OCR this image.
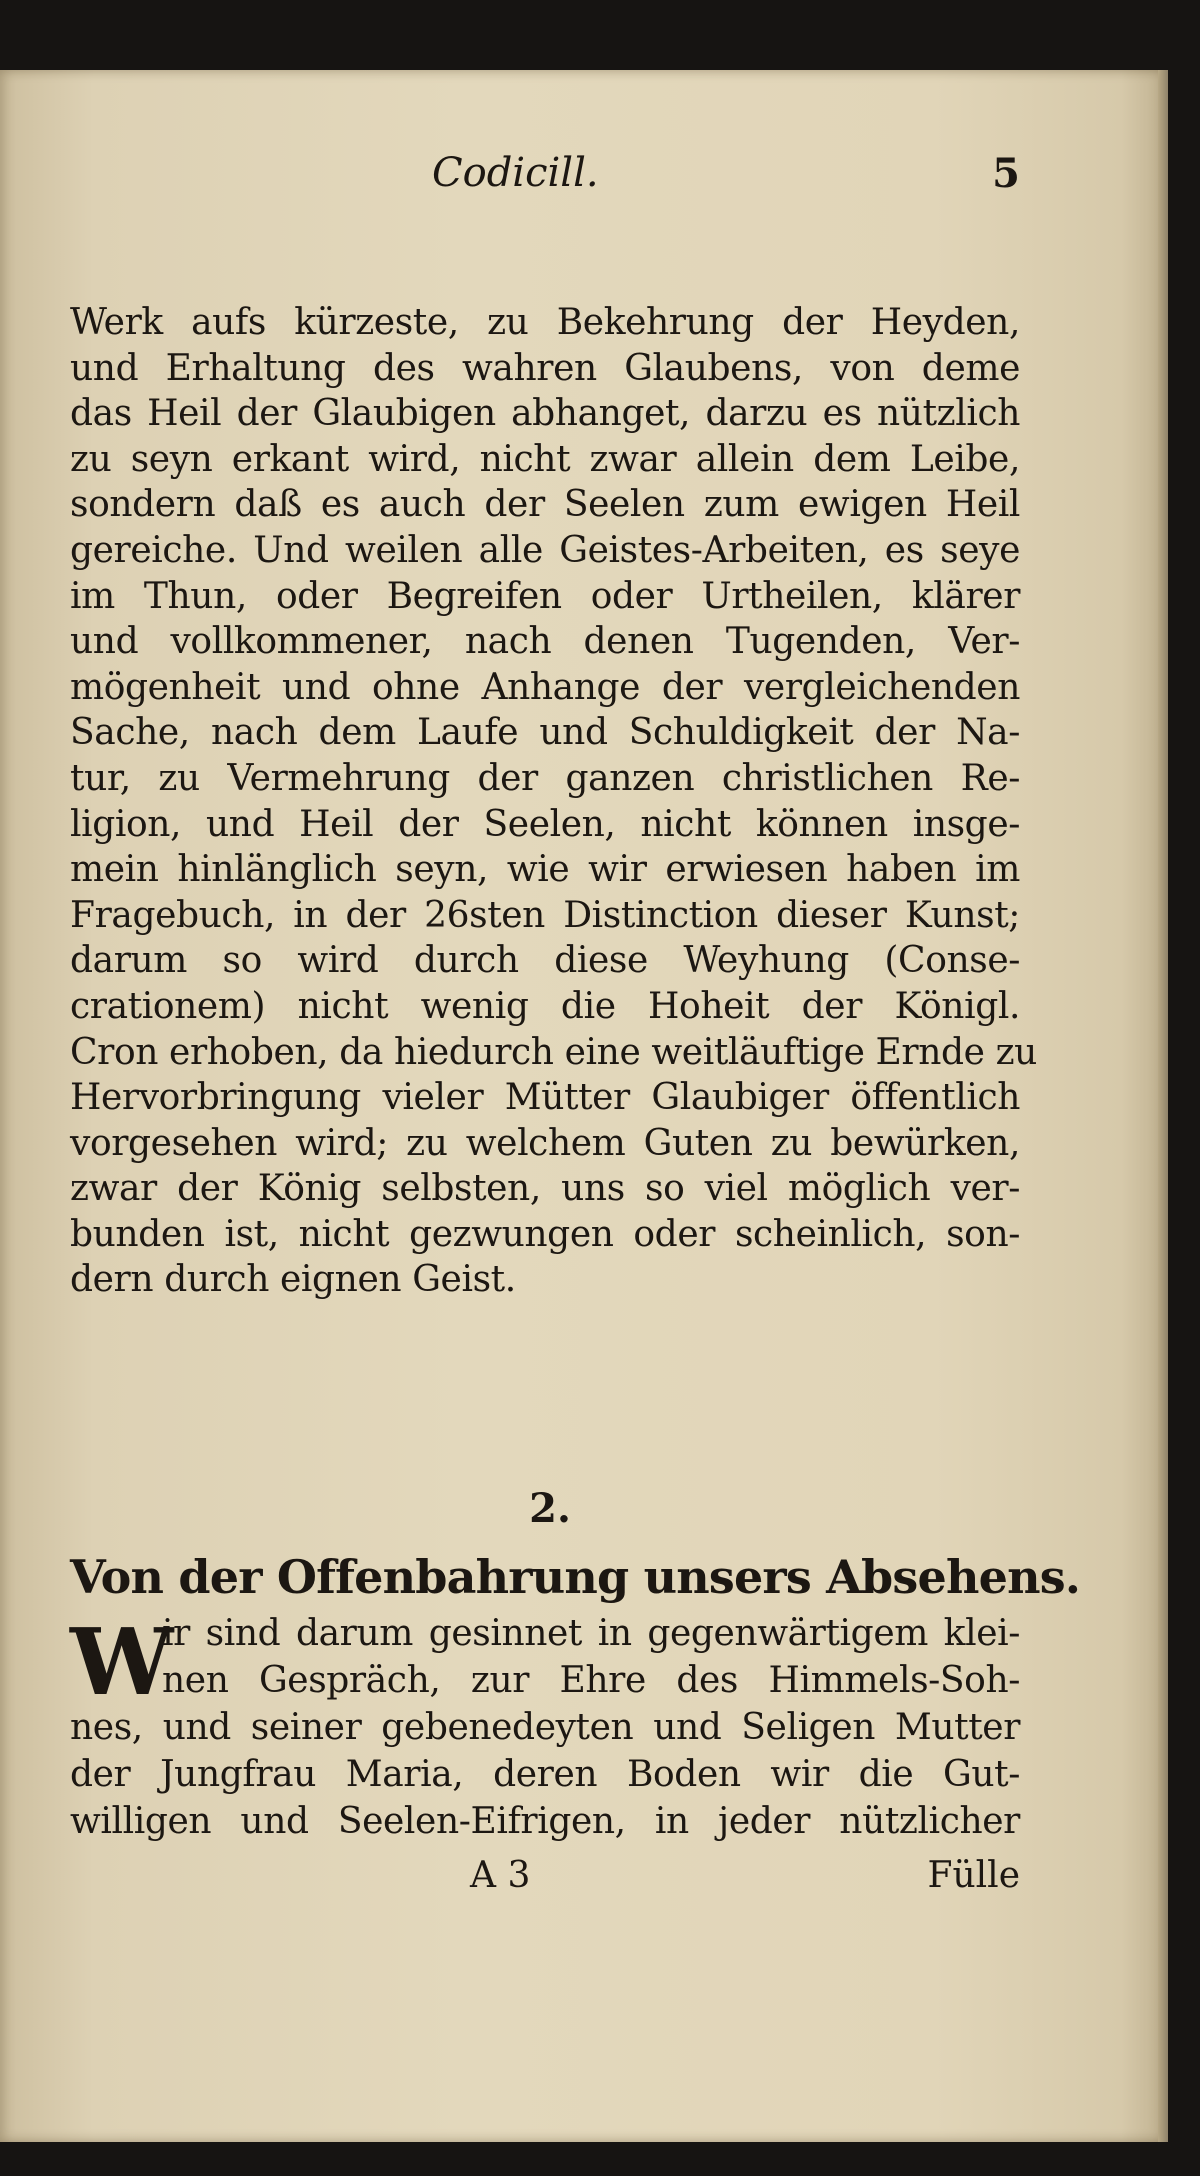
Codicill.	5
Werk aufs kürzeste, zu Bekehrung der Heyden,
und Erhaltung des wahren Glaubens, von deme
das Heil der Glaubigen abhanget, darzu es nützlich
zu seyn erkant wird, nicht zwar allein dem Leibe,
sondern daß es auch der Seelen zum ewigen Heil
gereiche. Und weilen alle Geistes-Arbeiten, es seye
im Thun, oder Begreifen oder Urtheilen, klärer
und vollkommener, nach denen Tugenden, Ver-
mögenheit und ohne Anhange der vergleichenden
Sache, nach dem Laufe und Schuldigkeit der Na-
tur, zu Vermehrung der ganzen christlichen Re-
ligion, und Heil der Seelen, nicht können insge-
mein hinlänglich seyn, wie wir erwiesen haben im
Fragebuch, in der 26sten Distinction dieser Kunst;
darum so wird durch diese Weyhung (Conse-
crationem) nicht wenig die Hoheit der Königl.
Cron erhoben, da hiedurch eine weitläuftige Ernde zu
Hervorbringung vieler Mütter Glaubiger öffentlich
vorgesehen wird; zu welchem Guten zu bewürken,
zwar der König selbsten, uns so viel möglich ver-
bunden ist, nicht gezwungen oder scheinlich, son-
dern durch eignen Geist.
2.
Von der Offenbahrung unsers Absehens.
W
ir sind darum gesinnet in gegenwärtigem klei-
nen Gespräch, zur Ehre des Himmels-Soh-
nes, und seiner gebenedeyten und Seligen Mutter
der Jungfrau Maria, deren Boden wir die Gut-
willigen und Seelen-Eifrigen, in jeder nützlicher
A 3	Fülle
